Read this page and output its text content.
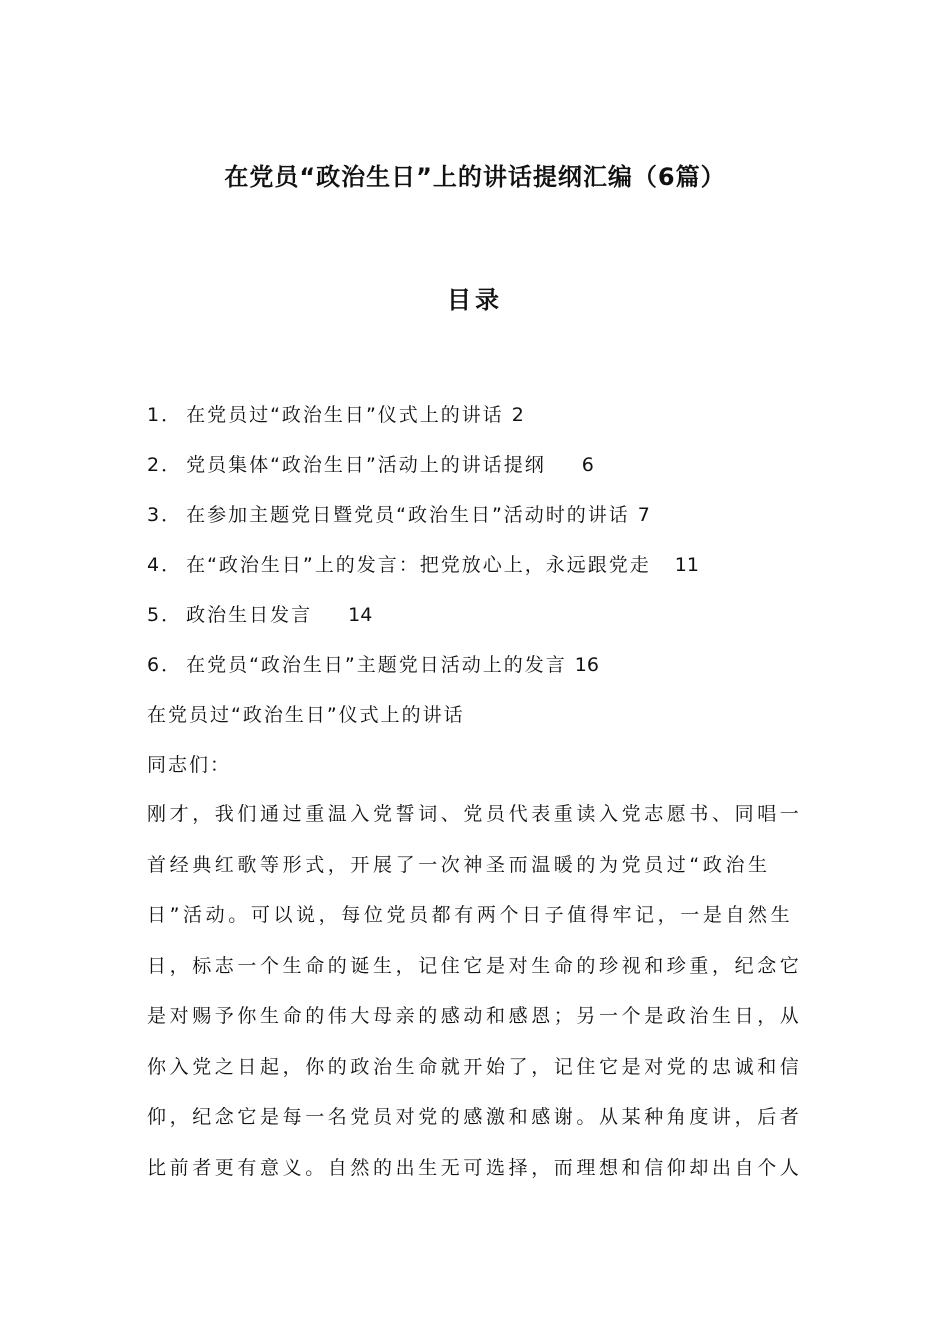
在党员“政治生日”上的讲话提纲汇编（6篇）
目录
1． 在党员过“政治生日”仪式上的讲话 2
2． 党员集体“政治生日”活动上的讲话提纲 6
3． 在参加主题党日暨党员“政治生日”活动时的讲话 7
4． 在“政治生日”上的发言：把党放心上，永远跟党走 11
5． 政治生日发言 14
6． 在党员“政治生日”主题党日活动上的发言 16
在党员过“政治生日”仪式上的讲话
同志们：
刚才，我们通过重温入党誓词、党员代表重读入党志愿书、同唱一
首经典红歌等形式，开展了一次神圣而温暖的为党员过“政治生
日”活动。可以说，每位党员都有两个日子值得牢记，一是自然生
日，标志一个生命的诞生，记住它是对生命的珍视和珍重，纪念它
是对赐予你生命的伟大母亲的感动和感恩；另一个是政治生日，从
你入党之日起，你的政治生命就开始了，记住它是对党的忠诚和信
仰，纪念它是每一名党员对党的感激和感谢。从某种角度讲，后者
比前者更有意义。自然的出生无可选择，而理想和信仰却出自个人
